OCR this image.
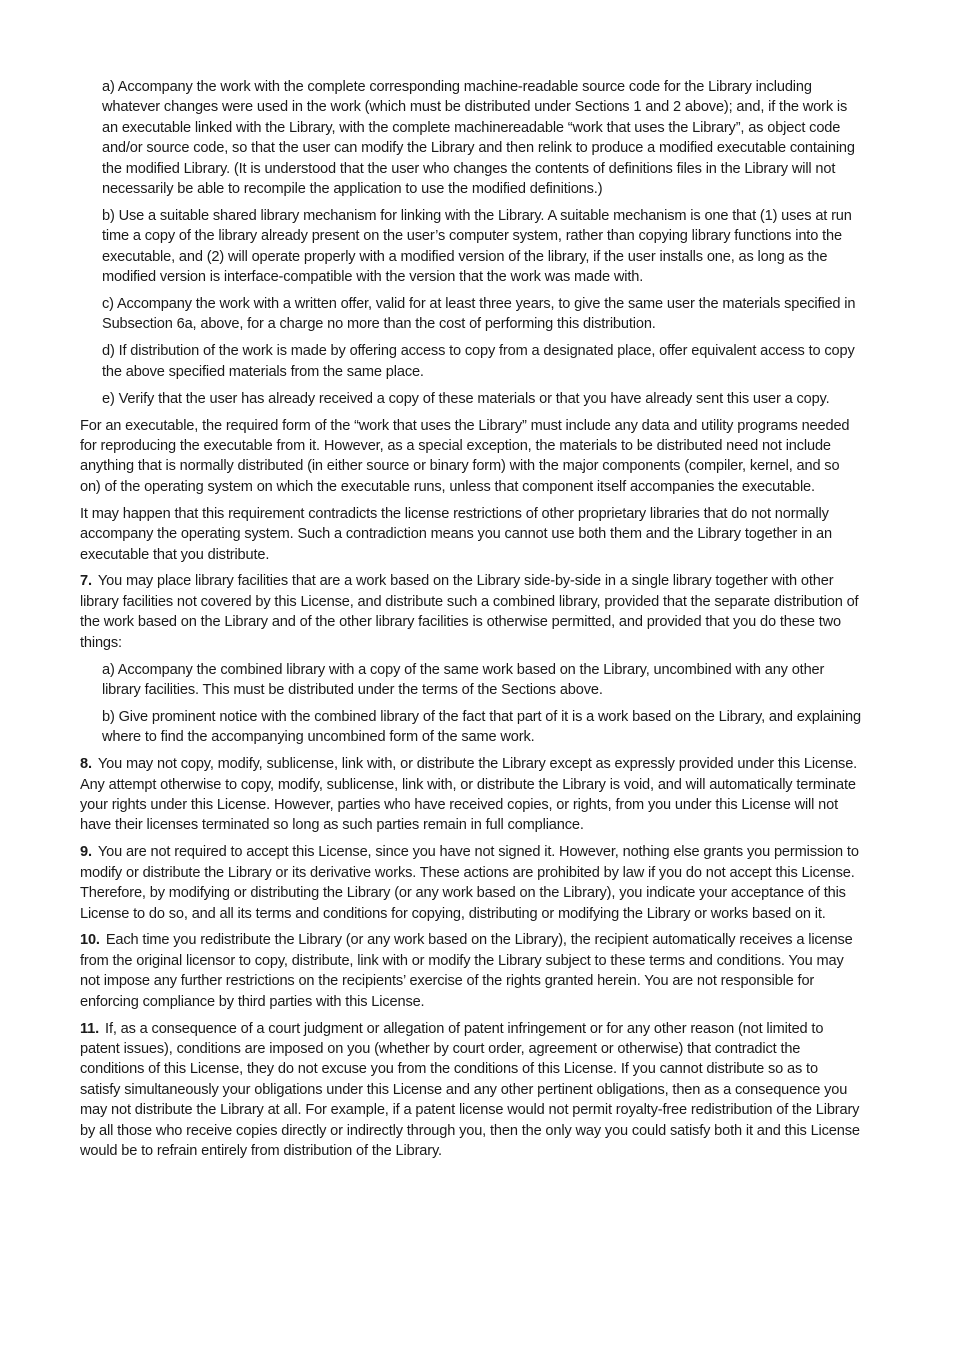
a) Accompany the work with the complete corresponding machine-readable source code for the Library including whatever changes were used in the work (which must be distributed under Sections 1 and 2 above); and, if the work is an executable linked with the Library, with the complete machinereadable “work that uses the Library”, as object code and/or source code, so that the user can modify the Library and then relink to produce a modified executable containing the modified Library. (It is understood that the user who changes the contents of definitions files in the Library will not necessarily be able to recompile the application to use the modified definitions.)

b) Use a suitable shared library mechanism for linking with the Library. A suitable mechanism is one that (1) uses at run time a copy of the library already present on the user’s computer system, rather than copying library functions into the executable, and (2) will operate properly with a modified version of the library, if the user installs one, as long as the modified version is interface-compatible with the version that the work was made with.

c) Accompany the work with a written offer, valid for at least three years, to give the same user the materials specified in Subsection 6a, above, for a charge no more than the cost of performing this distribution.

d) If distribution of the work is made by offering access to copy from a designated place, offer equivalent access to copy the above specified materials from the same place.

e) Verify that the user has already received a copy of these materials or that you have already sent this user a copy.

For an executable, the required form of the “work that uses the Library” must include any data and utility programs needed for reproducing the executable from it. However, as a special exception, the materials to be distributed need not include anything that is normally distributed (in either source or binary form) with the major components (compiler, kernel, and so on) of the operating system on which the executable runs, unless that component itself accompanies the executable.

It may happen that this requirement contradicts the license restrictions of other proprietary libraries that do not normally accompany the operating system. Such a contradiction means you cannot use both them and the Library together in an executable that you distribute.

7. You may place library facilities that are a work based on the Library side-by-side in a single library together with other library facilities not covered by this License, and distribute such a combined library, provided that the separate distribution of the work based on the Library and of the other library facilities is otherwise permitted, and provided that you do these two things:

a) Accompany the combined library with a copy of the same work based on the Library, uncombined with any other library facilities. This must be distributed under the terms of the Sections above.

b) Give prominent notice with the combined library of the fact that part of it is a work based on the Library, and explaining where to find the accompanying uncombined form of the same work.

8. You may not copy, modify, sublicense, link with, or distribute the Library except as expressly provided under this License. Any attempt otherwise to copy, modify, sublicense, link with, or distribute the Library is void, and will automatically terminate your rights under this License. However, parties who have received copies, or rights, from you under this License will not have their licenses terminated so long as such parties remain in full compliance.

9. You are not required to accept this License, since you have not signed it. However, nothing else grants you permission to modify or distribute the Library or its derivative works. These actions are prohibited by law if you do not accept this License. Therefore, by modifying or distributing the Library (or any work based on the Library), you indicate your acceptance of this License to do so, and all its terms and conditions for copying, distributing or modifying the Library or works based on it.

10. Each time you redistribute the Library (or any work based on the Library), the recipient automatically receives a license from the original licensor to copy, distribute, link with or modify the Library subject to these terms and conditions. You may not impose any further restrictions on the recipients’ exercise of the rights granted herein. You are not responsible for enforcing compliance by third parties with this License.

11. If, as a consequence of a court judgment or allegation of patent infringement or for any other reason (not limited to patent issues), conditions are imposed on you (whether by court order, agreement or otherwise) that contradict the conditions of this License, they do not excuse you from the conditions of this License. If you cannot distribute so as to satisfy simultaneously your obligations under this License and any other pertinent obligations, then as a consequence you may not distribute the Library at all. For example, if a patent license would not permit royalty-free redistribution of the Library by all those who receive copies directly or indirectly through you, then the only way you could satisfy both it and this License would be to refrain entirely from distribution of the Library.
